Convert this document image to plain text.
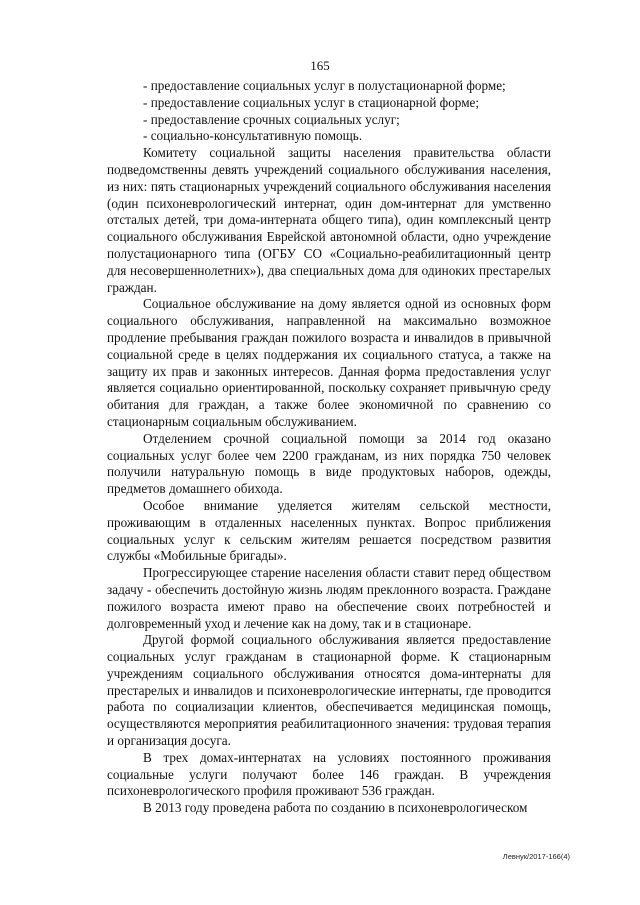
165

- предоставление социальных услуг в полустационарной форме;

- предоставление социальных услуг в стационарной форме;

- предоставление срочных социальных услуг;

- социально-консультативную помощь.

Комитету социальной защиты населения правительства области подведомственны девять учреждений социального обслуживания населения, из них: пять стационарных учреждений социального обслуживания населения (один психоневрологический интернат, один дом-интернат для умственно отсталых детей, три дома-интерната общего типа), один комплексный центр социального обслуживания Еврейской автономной области, одно учреждение полустационарного типа (ОГБУ СО «Социально-реабилитационный центр для несовершеннолетних»), два специальных дома для одиноких престарелых граждан.

Социальное обслуживание на дому является одной из основных форм социального обслуживания, направленной на максимально возможное продление пребывания граждан пожилого возраста и инвалидов в привычной социальной среде в целях поддержания их социального статуса, а также на защиту их прав и законных интересов. Данная форма предоставления услуг является социально ориентированной, поскольку сохраняет привычную среду обитания для граждан, а также более экономичной по сравнению со стационарным социальным обслуживанием.

Отделением срочной социальной помощи за 2014 год оказано социальных услуг более чем 2200 гражданам, из них порядка 750 человек получили натуральную помощь в виде продуктовых наборов, одежды, предметов домашнего обихода.

Особое внимание уделяется жителям сельской местности, проживающим в отдаленных населенных пунктах. Вопрос приближения социальных услуг к сельским жителям решается посредством развития службы «Мобильные бригады».

Прогрессирующее старение населения области ставит перед обществом задачу - обеспечить достойную жизнь людям преклонного возраста. Граждане пожилого возраста имеют право на обеспечение своих потребностей и долговременный уход и лечение как на дому, так и в стационаре.

Другой формой социального обслуживания является предоставление социальных услуг гражданам в стационарной форме. К стационарным учреждениям социального обслуживания относятся дома-интернаты для престарелых и инвалидов и психоневрологические интернаты, где проводится работа по социализации клиентов, обеспечивается медицинская помощь, осуществляются мероприятия реабилитационного значения: трудовая терапия и организация досуга.

В трех домах-интернатах на условиях постоянного проживания социальные услуги получают более 146 граждан. В учреждения психоневрологического профиля проживают 536 граждан.

В 2013 году проведена работа по созданию в психоневрологическом

Левнук/2017-166(4)
